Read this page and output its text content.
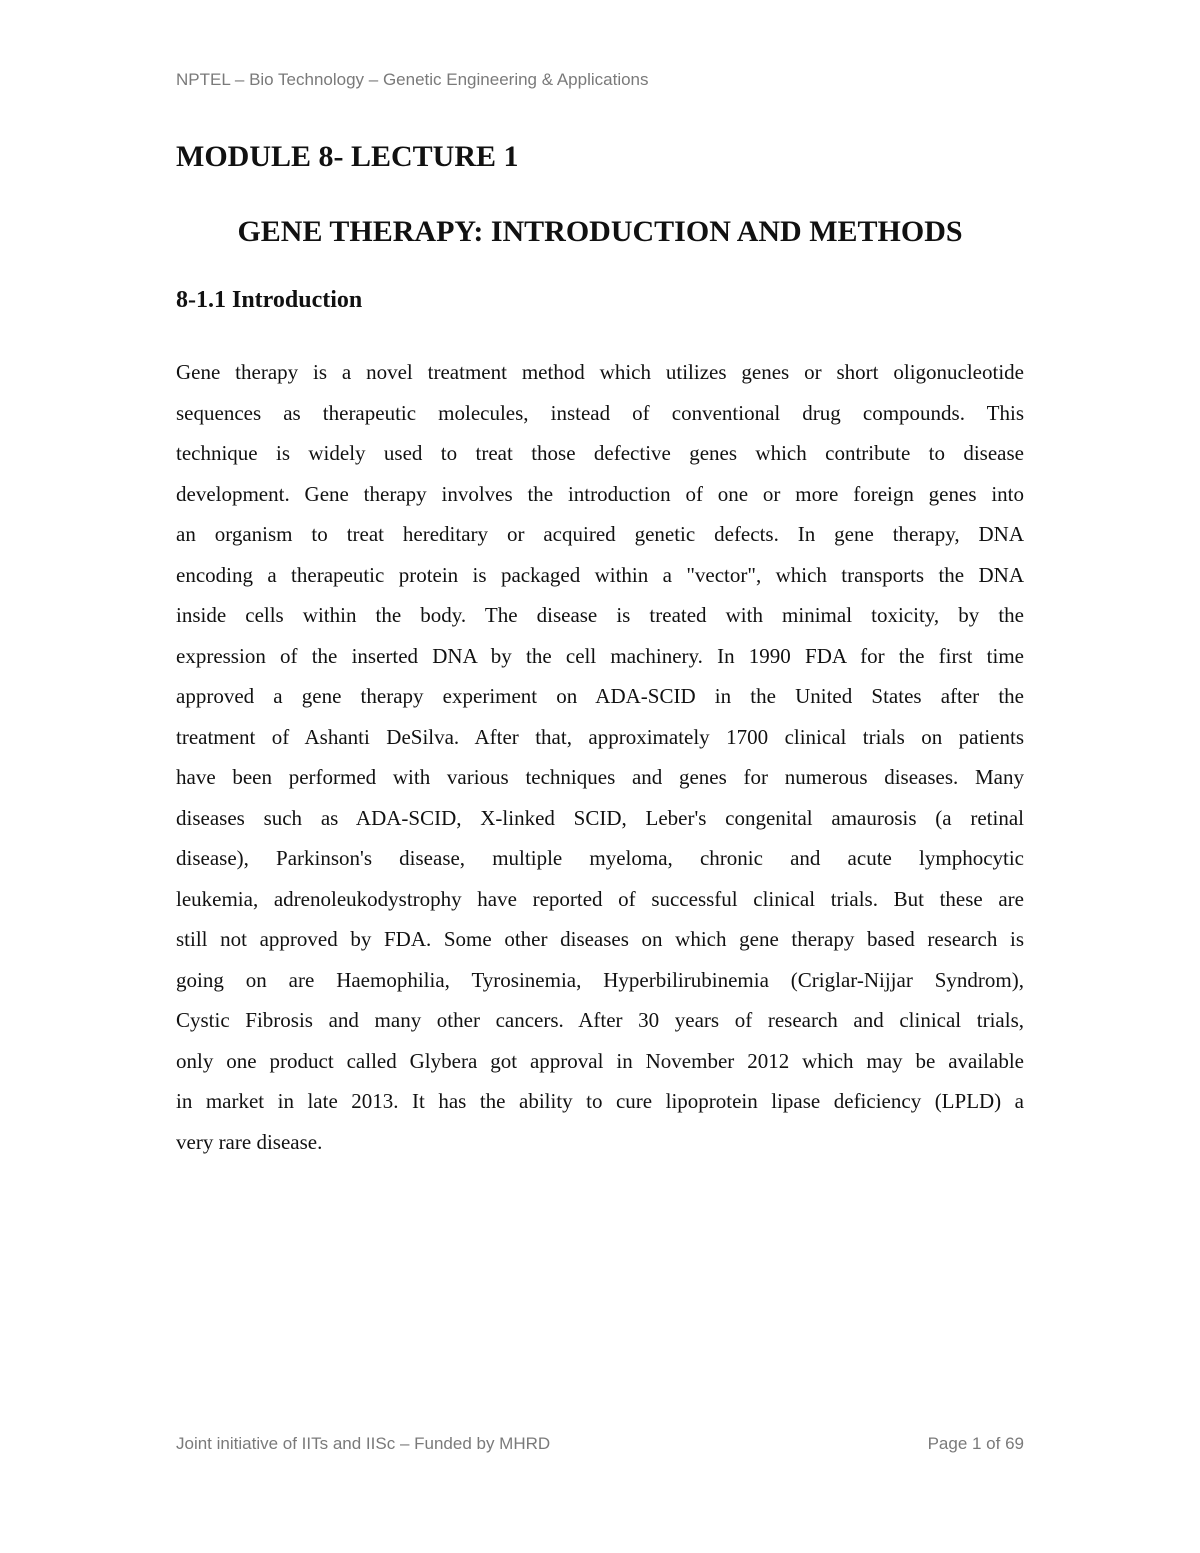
NPTEL – Bio Technology – Genetic Engineering & Applications
MODULE 8- LECTURE 1
GENE THERAPY: INTRODUCTION AND METHODS
8-1.1 Introduction
Gene therapy is a novel treatment method which utilizes genes or short oligonucleotide
sequences as therapeutic molecules, instead of conventional drug compounds. This
technique is widely used to treat those defective genes which contribute to disease
development. Gene therapy involves the introduction of one or more foreign genes into
an organism to treat hereditary or acquired genetic defects. In gene therapy, DNA
encoding a therapeutic protein is packaged within a "vector", which transports the DNA
inside cells within the body. The disease is treated with minimal toxicity, by the
expression of the inserted DNA by the cell machinery. In 1990 FDA for the first time
approved a gene therapy experiment on ADA-SCID in the United States after the
treatment of Ashanti DeSilva. After that, approximately 1700 clinical trials on patients
have been performed with various techniques and genes for numerous diseases. Many
diseases such as ADA-SCID, X-linked SCID, Leber's congenital amaurosis (a retinal
disease), Parkinson's disease, multiple myeloma, chronic and acute lymphocytic
leukemia, adrenoleukodystrophy have reported of successful clinical trials. But these are
still not approved by FDA. Some other diseases on which gene therapy based research is
going on are Haemophilia, Tyrosinemia, Hyperbilirubinemia (Criglar-Nijjar Syndrom),
Cystic Fibrosis and many other cancers. After 30 years of research and clinical trials,
only one product called Glybera got approval in November 2012 which may be available
in market in late 2013. It has the ability to cure lipoprotein lipase deficiency (LPLD) a
very rare disease.
Joint initiative of IITs and IISc – Funded by MHRD	Page 1 of 69
